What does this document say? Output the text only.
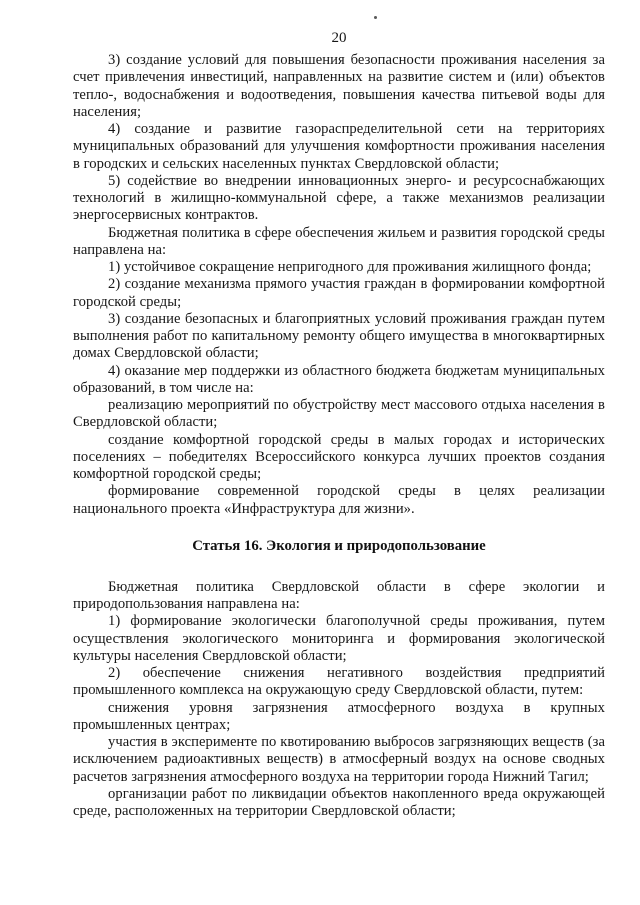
20

3) создание условий для повышения безопасности проживания населения за счет привлечения инвестиций, направленных на развитие систем и (или) объектов тепло-, водоснабжения и водоотведения, повышения качества питьевой воды для населения;

4) создание и развитие газораспределительной сети на территориях муниципальных образований для улучшения комфортности проживания населения в городских и сельских населенных пунктах Свердловской области;

5) содействие во внедрении инновационных энерго- и ресурсоснабжающих технологий в жилищно-коммунальной сфере, а также механизмов реализации энергосервисных контрактов.

Бюджетная политика в сфере обеспечения жильем и развития городской среды направлена на:

1) устойчивое сокращение непригодного для проживания жилищного фонда;

2) создание механизма прямого участия граждан в формировании комфортной городской среды;

3) создание безопасных и благоприятных условий проживания граждан путем выполнения работ по капитальному ремонту общего имущества в многоквартирных домах Свердловской области;

4) оказание мер поддержки из областного бюджета бюджетам муниципальных образований, в том числе на:

реализацию мероприятий по обустройству мест массового отдыха населения в Свердловской области;

создание комфортной городской среды в малых городах и исторических поселениях – победителях Всероссийского конкурса лучших проектов создания комфортной городской среды;

формирование современной городской среды в целях реализации национального проекта «Инфраструктура для жизни».

Статья 16. Экология и природопользование

Бюджетная политика Свердловской области в сфере экологии и природопользования направлена на:

1) формирование экологически благополучной среды проживания, путем осуществления экологического мониторинга и формирования экологической культуры населения Свердловской области;

2) обеспечение снижения негативного воздействия предприятий промышленного комплекса на окружающую среду Свердловской области, путем:

снижения уровня загрязнения атмосферного воздуха в крупных промышленных центрах;

участия в эксперименте по квотированию выбросов загрязняющих веществ (за исключением радиоактивных веществ) в атмосферный воздух на основе сводных расчетов загрязнения атмосферного воздуха на территории города Нижний Тагил;

организации работ по ликвидации объектов накопленного вреда окружающей среде, расположенных на территории Свердловской области;
